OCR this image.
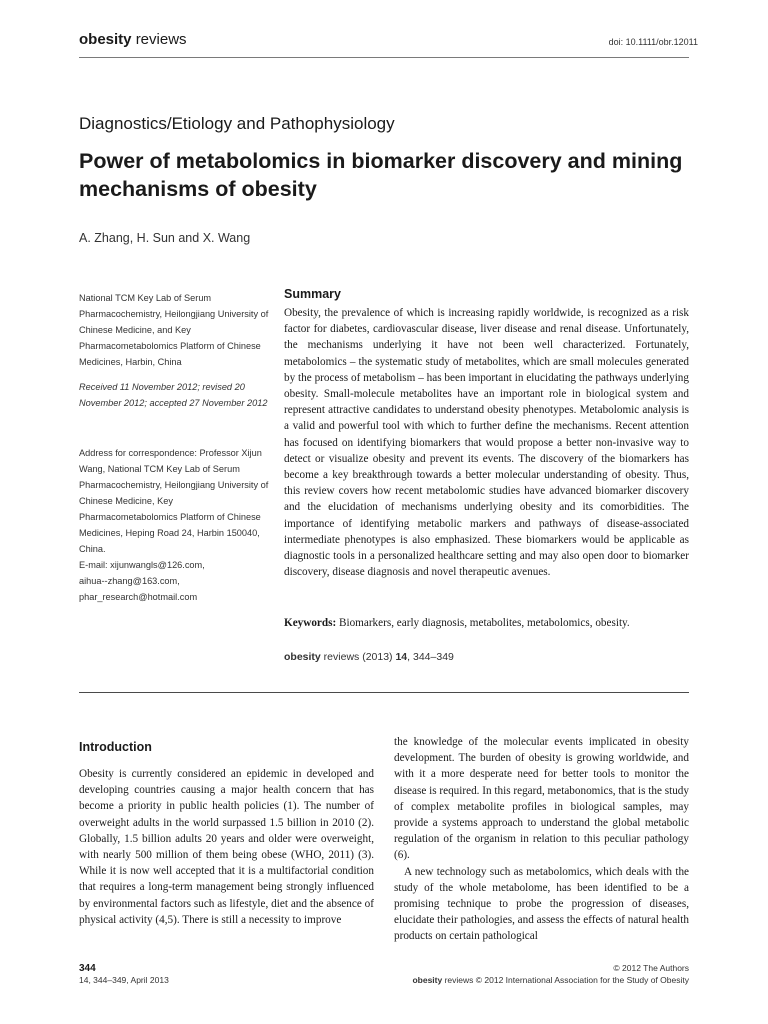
obesity reviews	doi: 10.1111/obr.12011
Diagnostics/Etiology and Pathophysiology
Power of metabolomics in biomarker discovery and mining mechanisms of obesity
A. Zhang, H. Sun and X. Wang
National TCM Key Lab of Serum Pharmacochemistry, Heilongjiang University of Chinese Medicine, and Key Pharmacometabolomics Platform of Chinese Medicines, Harbin, China
Received 11 November 2012; revised 20 November 2012; accepted 27 November 2012
Address for correspondence: Professor Xijun Wang, National TCM Key Lab of Serum Pharmacochemistry, Heilongjiang University of Chinese Medicine, Key Pharmacometabolomics Platform of Chinese Medicines, Heping Road 24, Harbin 150040, China.
E-mail: xijunwangls@126.com,
aihua--zhang@163.com,
phar_research@hotmail.com
Summary
Obesity, the prevalence of which is increasing rapidly worldwide, is recognized as a risk factor for diabetes, cardiovascular disease, liver disease and renal disease. Unfortunately, the mechanisms underlying it have not been well characterized. Fortunately, metabolomics – the systematic study of metabolites, which are small molecules generated by the process of metabolism – has been important in elucidating the pathways underlying obesity. Small-molecule metabolites have an important role in biological system and represent attractive candidates to understand obesity phenotypes. Metabolomic analysis is a valid and powerful tool with which to further define the mechanisms. Recent attention has focused on identifying biomarkers that would propose a better non-invasive way to detect or visualize obesity and prevent its events. The discovery of the biomarkers has become a key breakthrough towards a better molecular understanding of obesity. Thus, this review covers how recent metabolomic studies have advanced biomarker discovery and the elucidation of mechanisms underlying obesity and its comorbidities. The importance of identifying metabolic markers and pathways of disease-associated intermediate phenotypes is also emphasized. These biomarkers would be applicable as diagnostic tools in a personalized healthcare setting and may also open door to biomarker discovery, disease diagnosis and novel therapeutic avenues.
Keywords: Biomarkers, early diagnosis, metabolites, metabolomics, obesity.
obesity reviews (2013) 14, 344–349
Introduction

Obesity is currently considered an epidemic in developed and developing countries causing a major health concern that has become a priority in public health policies (1). The number of overweight adults in the world surpassed 1.5 billion in 2010 (2). Globally, 1.5 billion adults 20 years and older were overweight, with nearly 500 million of them being obese (WHO, 2011) (3). While it is now well accepted that it is a multifactorial condition that requires a long-term management being strongly influenced by environmental factors such as lifestyle, diet and the absence of physical activity (4,5). There is still a necessity to improve

the knowledge of the molecular events implicated in obesity development. The burden of obesity is growing worldwide, and with it a more desperate need for better tools to monitor the disease is required. In this regard, metabonomics, that is the study of complex metabolite profiles in biological samples, may provide a systems approach to understand the global metabolic regulation of the organism in relation to this peculiar pathology (6).

A new technology such as metabolomics, which deals with the study of the whole metabolome, has been identified to be a promising technique to probe the progression of diseases, elucidate their pathologies, and assess the effects of natural health products on certain pathological

344
14, 344–349, April 2013
© 2012 The Authors
obesity reviews © 2012 International Association for the Study of Obesity
